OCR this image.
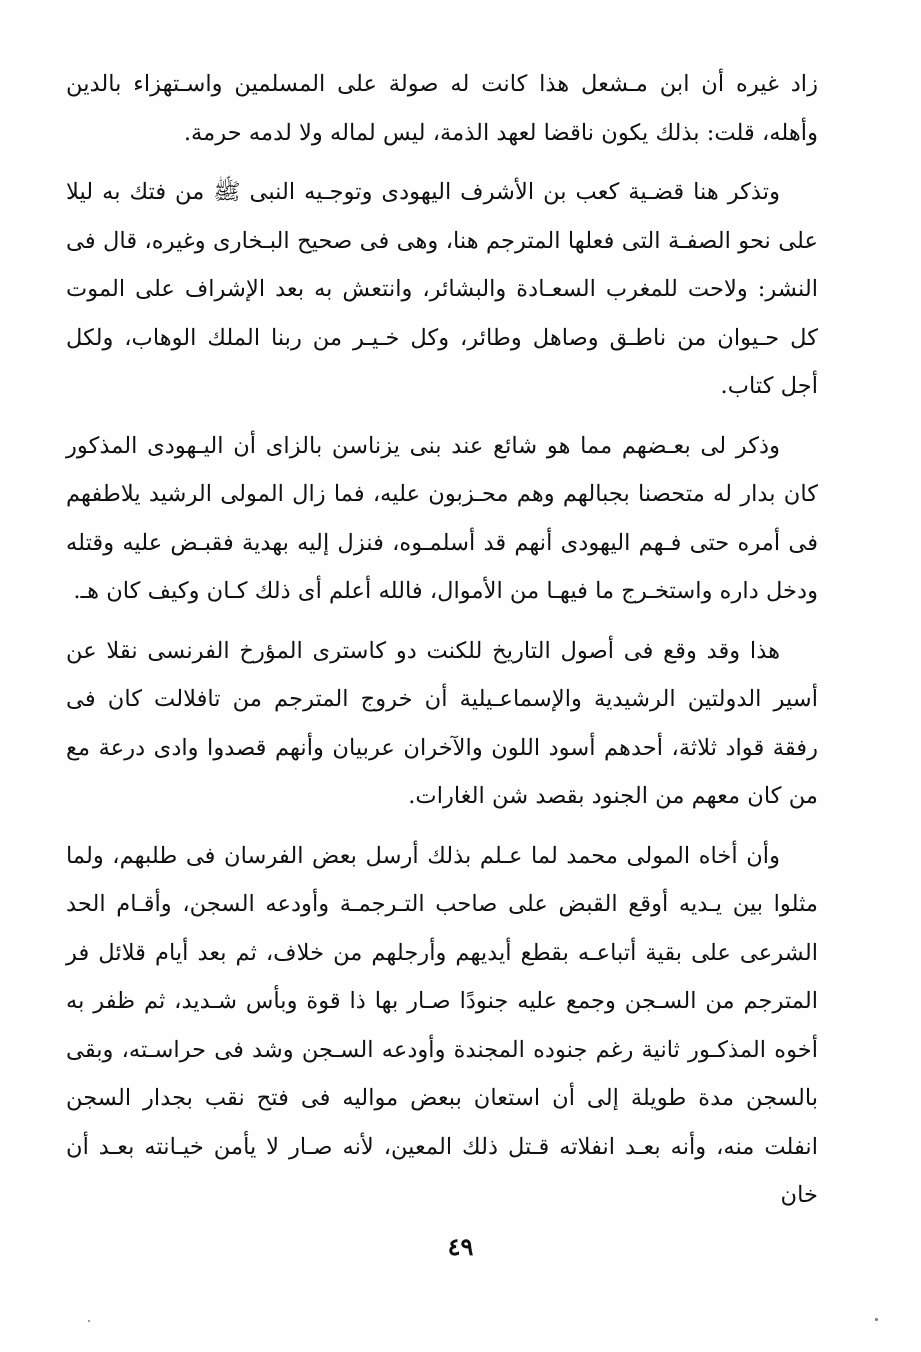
زاد غيره أن ابن مـشعل هذا كانت له صولة على المسلمين واسـتهزاء بالدين وأهله، قلت: بذلك يكون ناقضا لعهد الذمة، ليس لماله ولا لدمه حرمة.

وتذكر هنا قضـية كعب بن الأشرف اليهودى وتوجـيه النبى ﷺ من فتك به ليلا على نحو الصفـة التى فعلها المترجم هنا، وهى فى صحيح البـخارى وغيره، قال فى النشر: ولاحت للمغرب السعـادة والبشائر، وانتعش به بعد الإشراف على الموت كل حـيوان من ناطـق وصاهل وطائر، وكل خـيـر من ربنا الملك الوهاب، ولكل أجل كتاب.

وذكر لى بعـضهم مما هو شائع عند بنى يزناسن بالزاى أن اليـهودى المذكور كان بدار له متحصنا بجبالهم وهم محـزبون عليه، فما زال المولى الرشيد يلاطفهم فى أمره حتى فـهم اليهودى أنهم قد أسلمـوه، فنزل إليه بهدية فقبـض عليه وقتله ودخل داره واستخـرج ما فيهـا من الأموال، فالله أعلم أى ذلك كـان وكيف كان هـ.

هذا وقد وقع فى أصول التاريخ للكنت دو كاسترى المؤرخ الفرنسى نقلا عن أسير الدولتين الرشيدية والإسماعـيلية أن خروج المترجم من تافلالت كان فى رفقة قواد ثلاثة، أحدهم أسود اللون والآخران عربيان وأنهم قصدوا وادى درعة مع من كان معهم من الجنود بقصد شن الغارات.

وأن أخاه المولى محمد لما عـلم بذلك أرسل بعض الفرسان فى طلبهم، ولما مثلوا بين يـديه أوقع القبض على صاحب التـرجمـة وأودعه السجن، وأقـام الحد الشرعى على بقية أتباعـه بقطع أيديهم وأرجلهم من خلاف، ثم بعد أيام قلائل فر المترجم من السـجن وجمع عليه جنودًا صـار بها ذا قوة وبأس شـديد، ثم ظفر به أخوه المذكـور ثانية رغم جنوده المجندة وأودعه السـجن وشد فى حراسـته، وبقى بالسجن مدة طويلة إلى أن استعان ببعض مواليه فى فتح نقب بجدار السجن انفلت منه، وأنه بعـد انفلاته قـتل ذلك المعين، لأنه صـار لا يأمن خيـانته بعـد أن خان

٤٩
